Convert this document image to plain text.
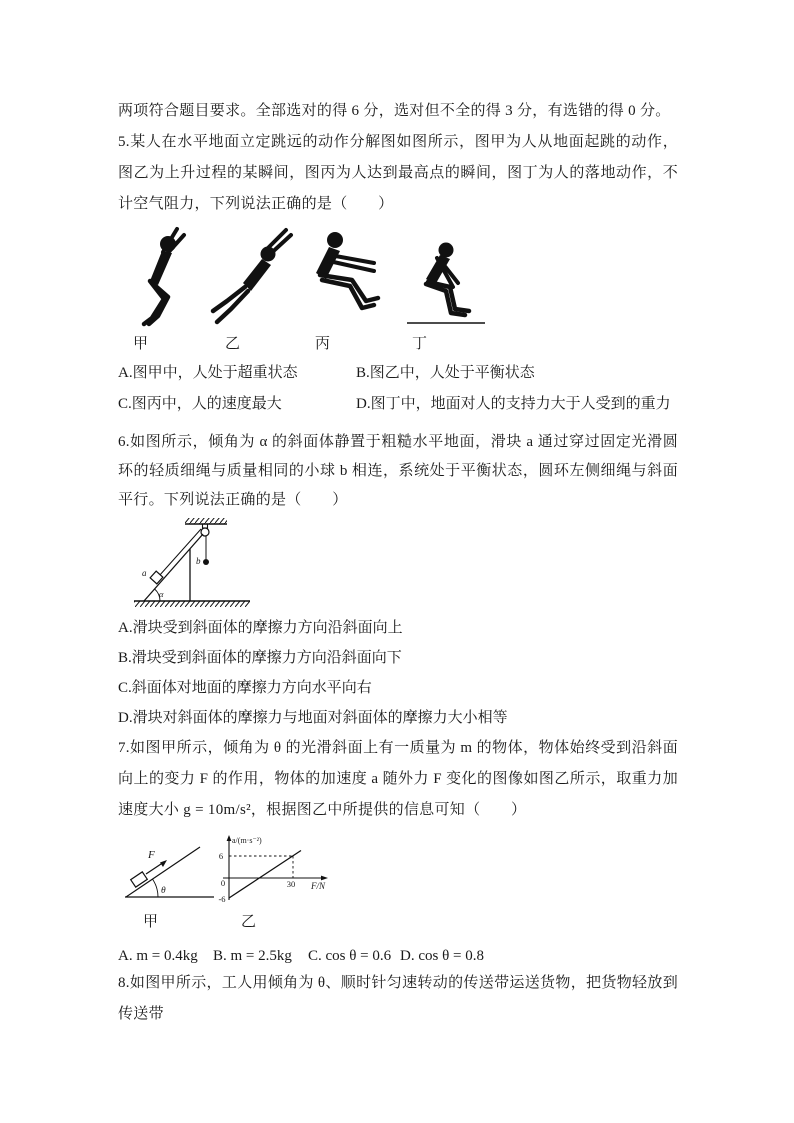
两项符合题目要求。全部选对的得 6 分，选对但不全的得 3 分，有选错的得 0 分。

5.某人在水平地面立定跳远的动作分解图如图所示，图甲为人从地面起跳的动作，图乙为上升过程的某瞬间，图丙为人达到最高点的瞬间，图丁为人的落地动作，不计空气阻力，下列说法正确的是（　　）

甲	乙	丙	丁
A.图甲中，人处于超重状态	B.图乙中，人处于平衡状态
C.图丙中，人的速度最大	D.图丁中，地面对人的支持力大于人受到的重力

6.如图所示，倾角为 α 的斜面体静置于粗糙水平地面，滑块 a 通过穿过固定光滑圆环的轻质细绳与质量相同的小球 b 相连，系统处于平衡状态，圆环左侧细绳与斜面平行。下列说法正确的是（　　）

b
a
α
A.滑块受到斜面体的摩擦力方向沿斜面向上
B.滑块受到斜面体的摩擦力方向沿斜面向下
C.斜面体对地面的摩擦力方向水平向右
D.滑块对斜面体的摩擦力与地面对斜面体的摩擦力大小相等

7.如图甲所示，倾角为 θ 的光滑斜面上有一质量为 m 的物体，物体始终受到沿斜面向上的变力 F 的作用，物体的加速度 a 随外力 F 变化的图像如图乙所示，取重力加速度大小 g = 10m/s²，根据图乙中所提供的信息可知（　　）

F
θ
a/(m·s⁻²)
F/N
6
0
-6
30
甲	乙
A. m = 0.4kg B. m = 2.5kg C. cos θ = 0.6 D. cos θ = 0.8

8.如图甲所示，工人用倾角为 θ、顺时针匀速转动的传送带运送货物，把货物轻放到传送带
